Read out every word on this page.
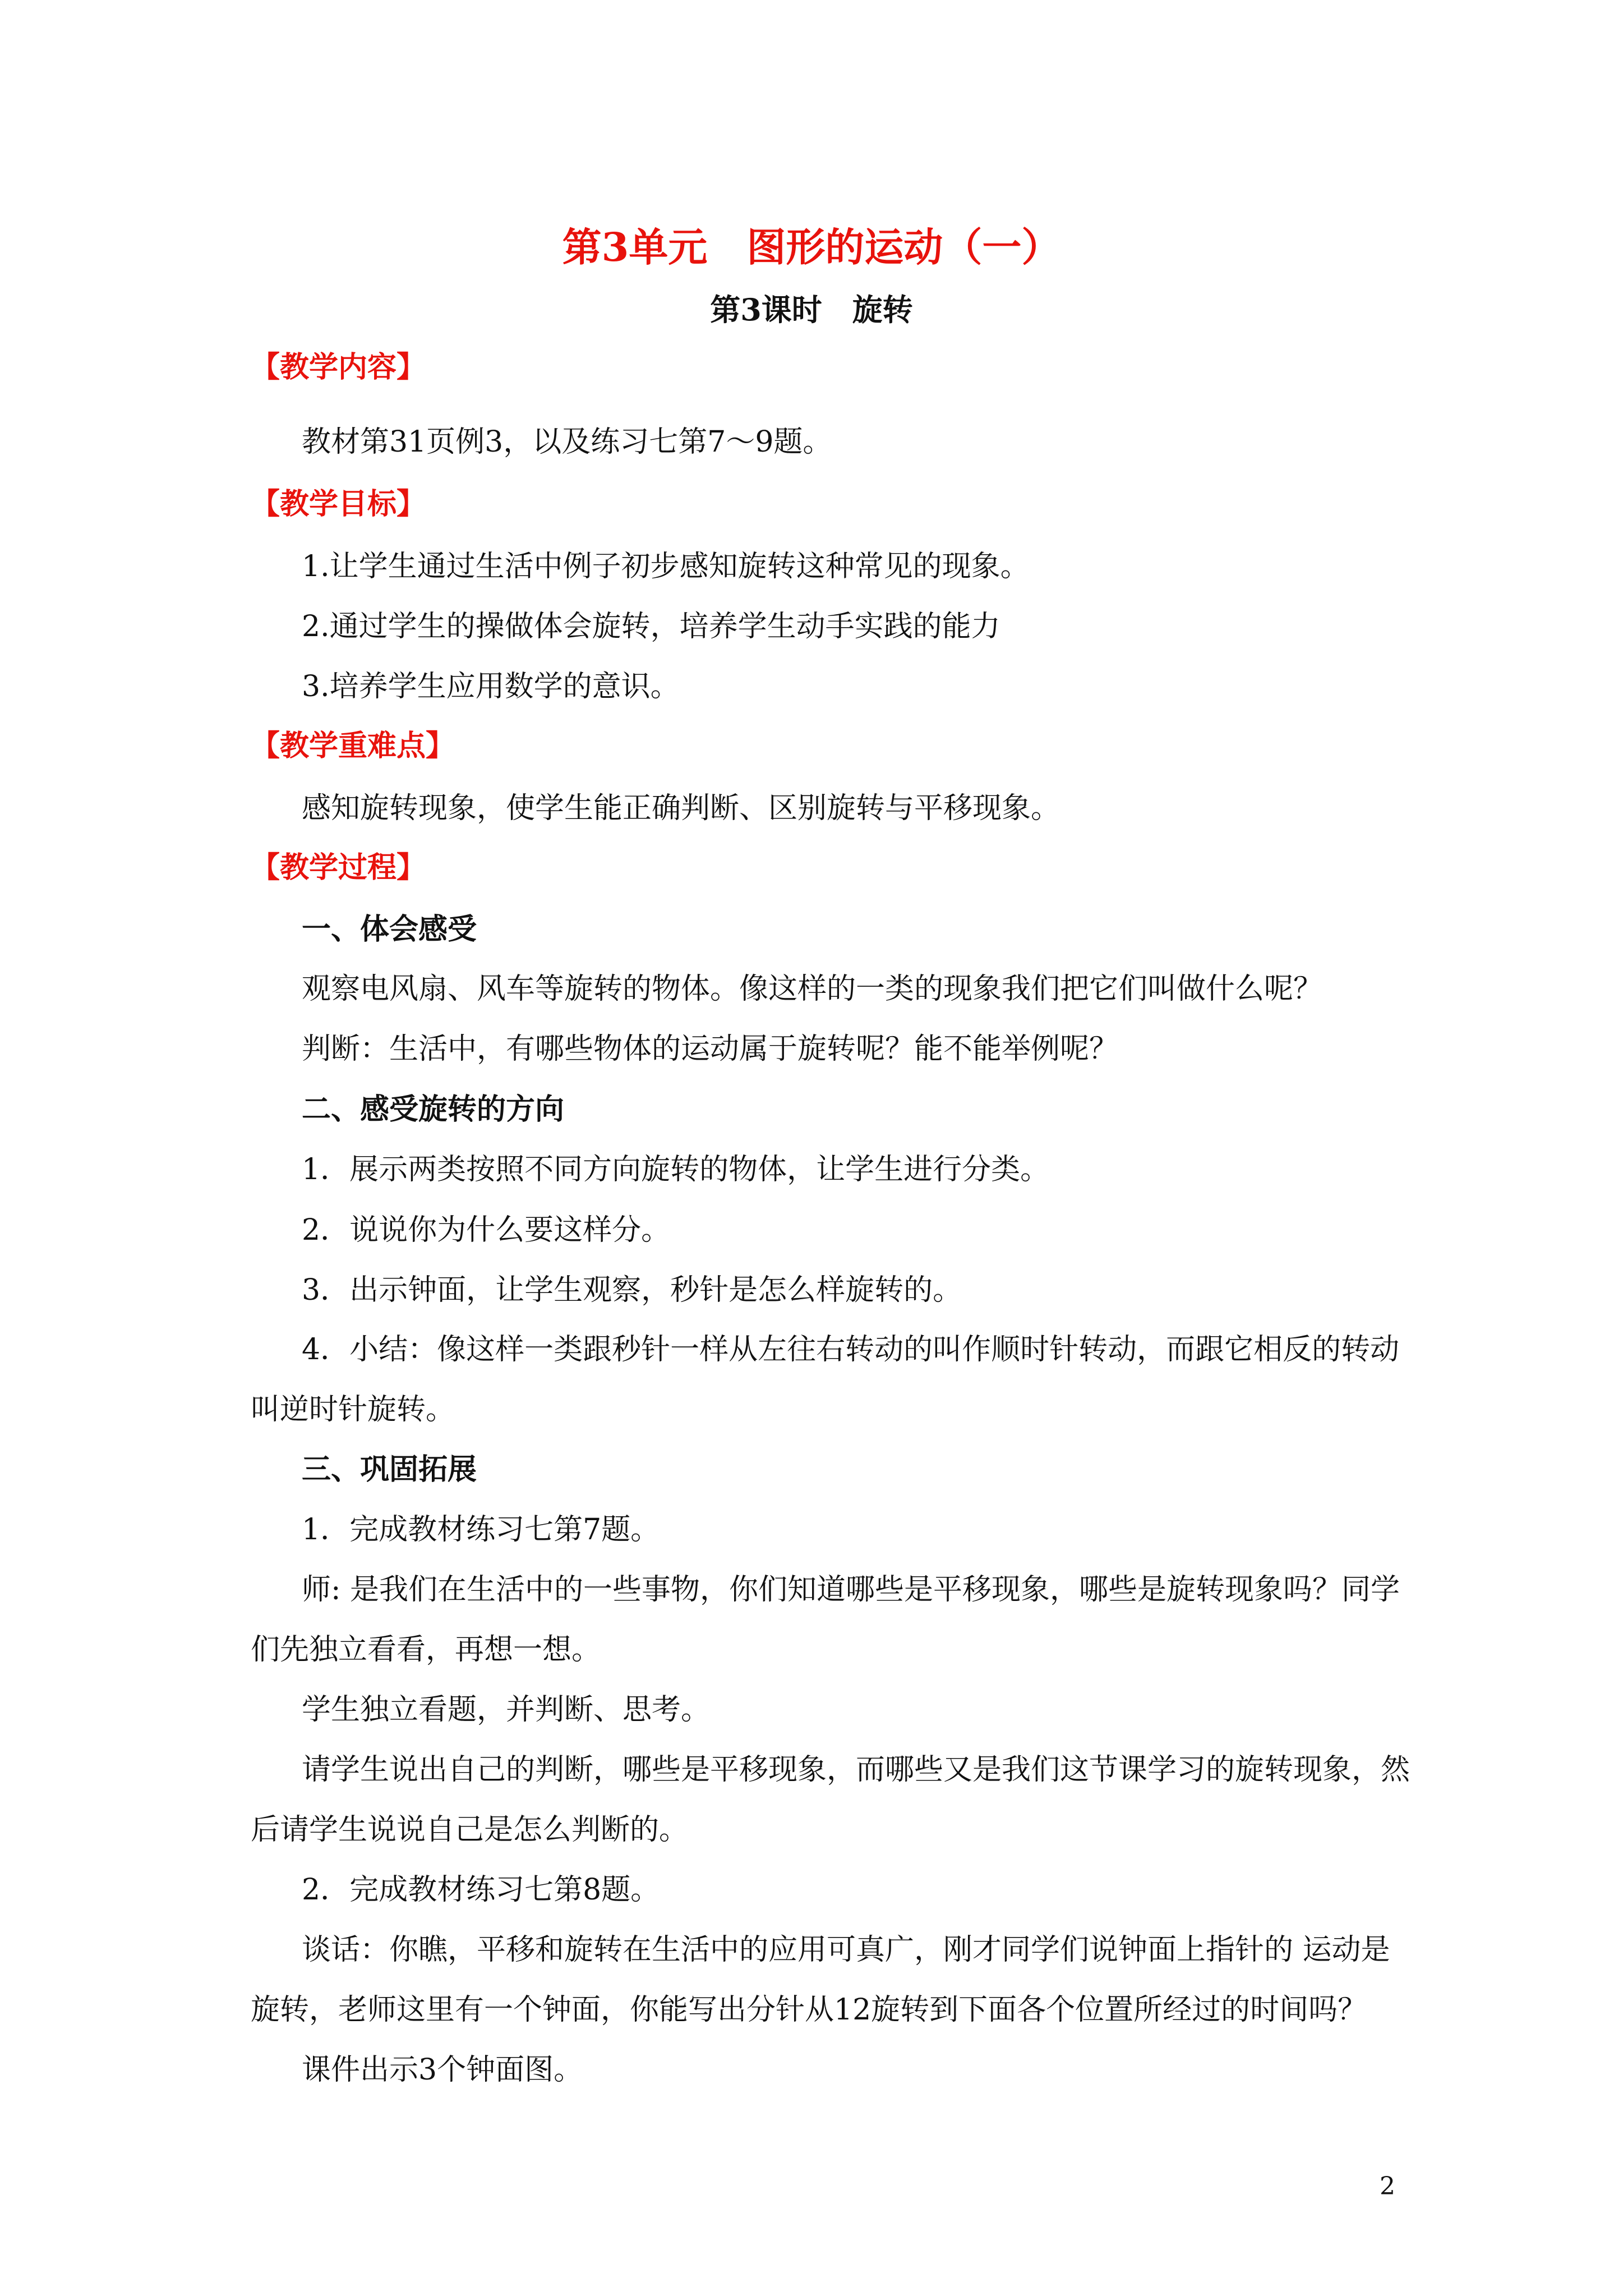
第3单元　图形的运动（一）
第3课时　旋转

【教学内容】

教材第31页例3，以及练习七第7～9题。

【教学目标】

1.让学生通过生活中例子初步感知旋转这种常见的现象。

2.通过学生的操做体会旋转，培养学生动手实践的能力

3.培养学生应用数学的意识。

【教学重难点】

感知旋转现象，使学生能正确判断、区别旋转与平移现象。

【教学过程】

一、体会感受

观察电风扇、风车等旋转的物体。像这样的一类的现象我们把它们叫做什么呢？

判断：生活中，有哪些物体的运动属于旋转呢？能不能举例呢？

二、感受旋转的方向

1．展示两类按照不同方向旋转的物体，让学生进行分类。

2．说说你为什么要这样分。

3．出示钟面，让学生观察，秒针是怎么样旋转的。

4．小结：像这样一类跟秒针一样从左往右转动的叫作顺时针转动，而跟它相反的转动

叫逆时针旋转。

三、巩固拓展

1．完成教材练习七第7题。

师: 是我们在生活中的一些事物，你们知道哪些是平移现象，哪些是旋转现象吗？同学

们先独立看看，再想一想。

学生独立看题，并判断、思考。

请学生说出自己的判断，哪些是平移现象，而哪些又是我们这节课学习的旋转现象，然

后请学生说说自己是怎么判断的。

2．完成教材练习七第8题。

谈话：你瞧，平移和旋转在生活中的应用可真广，刚才同学们说钟面上指针的 运动是

旋转，老师这里有一个钟面，你能写出分针从12旋转到下面各个位置所经过的时间吗？

课件出示3个钟面图。

2
